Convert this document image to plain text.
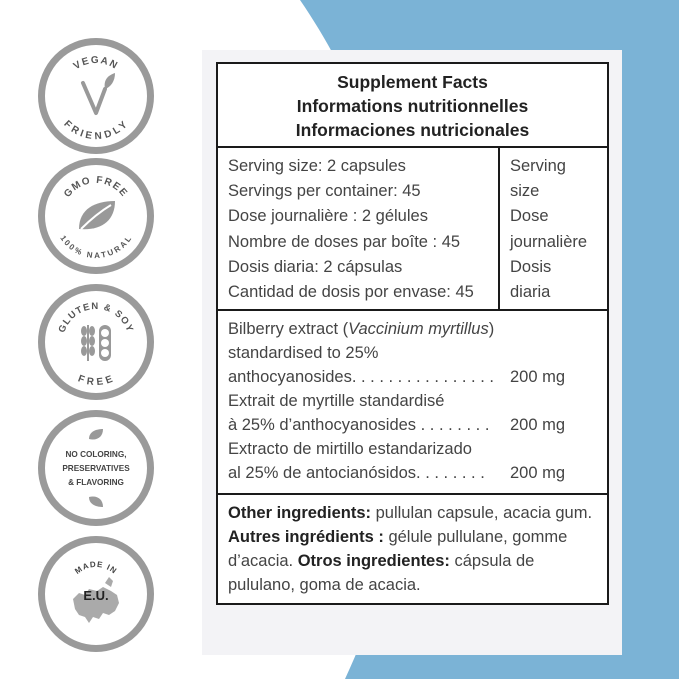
VEGAN
FRIENDLY
GMO FREE
100% NATURAL
GLUTEN & SOY
FREE
NO COLORING,
PRESERVATIVES
& FLAVORING
MADE IN
E.U.
Supplement Facts
Informations nutritionnelles
Informaciones nutricionales
Serving size: 2 capsules
Servings per container: 45
Dose journalière : 2 gélules
Nombre de doses par boîte : 45
Dosis diaria: 2 cápsulas
Cantidad de dosis por envase: 45
Serving
size
Dose
journalière
Dosis
diaria
Bilberry extract (Vaccinium myrtillus)
standardised to 25%
anthocyanosides. . . . . . . . . . . . . . . . 200 mg
Extrait de myrtille standardisé
à 25% d’anthocyanosides . . . . . . . .	200 mg
Extracto de mirtillo estandarizado
al 25% de antocianósidos. . . . . . . .	200 mg
Other ingredients: pullulan capsule, acacia gum. Autres ingrédients : gélule pullulane, gomme d’acacia. Otros ingredientes: cápsula de pululano, goma de acacia.
